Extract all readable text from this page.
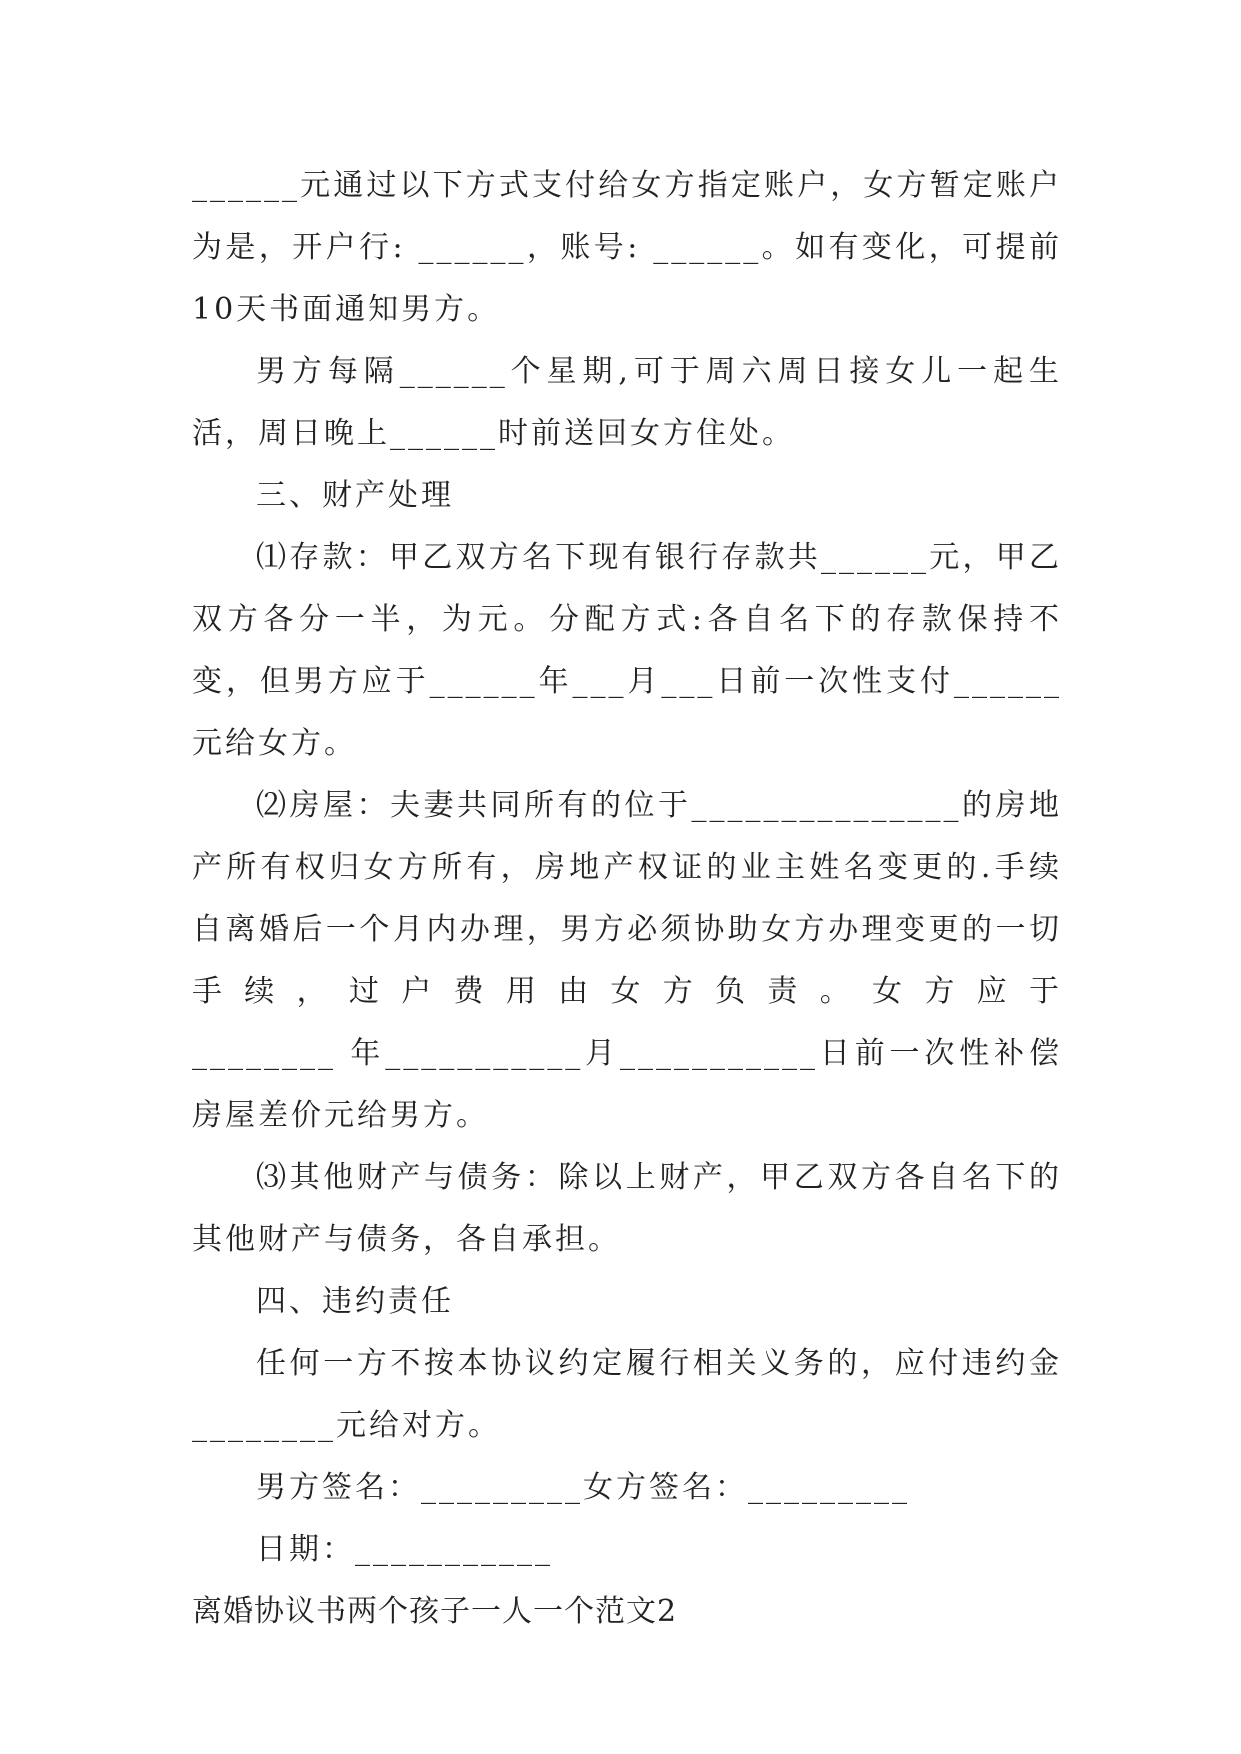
______元通过以下方式支付给女方指定账户，女方暂定账户为是，开户行: ______，账号: ______。如有变化，可提前10天书面通知男方。

男方每隔______个星期,可于周六周日接女儿一起生活，周日晚上______时前送回女方住处。

三、财产处理

⑴存款：甲乙双方名下现有银行存款共______元，甲乙双方各分一半，为元。分配方式:各自名下的存款保持不变，但男方应于______年___月___日前一次性支付______元给女方。

⑵房屋：夫妻共同所有的位于_______________的房地产所有权归女方所有，房地产权证的业主姓名变更的.手续自离婚后一个月内办理，男方必须协助女方办理变更的一切手 续 ， 过 户 费 用 由 女 方 负 责 。 女 方 应 于 ________ 年___________月___________日前一次性补偿房屋差价元给男方。

⑶其他财产与债务：除以上财产，甲乙双方各自名下的其他财产与债务，各自承担。

四、违约责任

任何一方不按本协议约定履行相关义务的，应付违约金________元给对方。

男方签名：_________女方签名：_________

日期：___________

离婚协议书两个孩子一人一个范文2
